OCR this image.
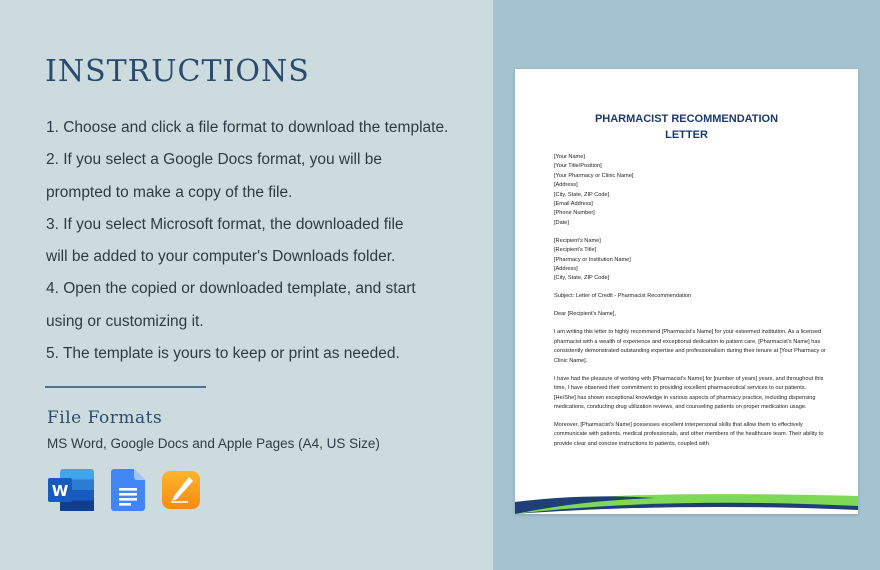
INSTRUCTIONS
1. Choose and click a file format to download the template.
2. If you select a Google Docs format, you will be
prompted to make a copy of the file.
3. If you select Microsoft format, the downloaded file
will be added to your computer's Downloads folder.
4. Open the copied or downloaded template, and start
using or customizing it.
5. The template is yours to keep or print as needed.
File Formats
MS Word, Google Docs and Apple Pages (A4, US Size)
W
PHARMACIST RECOMMENDATION
LETTER
[Your Name]
[Your Title/Position]
[Your Pharmacy or Clinic Name]
[Address]
[City, State, ZIP Code]
[Email Address]
[Phone Number]
[Date]
[Recipient's Name]
[Recipient's Title]
[Pharmacy or Institution Name]
[Address]
[City, State, ZIP Code]
Subject: Letter of Credit - Pharmacist Recommendation
Dear [Recipient's Name],
I am writing this letter to highly recommend [Pharmacist's Name] for your esteemed institution. As a licensed pharmacist with a wealth of experience and exceptional dedication to patient care, [Pharmacist's Name] has consistently demonstrated outstanding expertise and professionalism during their tenure at [Your Pharmacy or Clinic Name].
I have had the pleasure of working with [Pharmacist's Name] for [number of years] years, and throughout this time, I have observed their commitment to providing excellent pharmaceutical services to our patients. [He/She] has shown exceptional knowledge in various aspects of pharmacy practice, including dispensing medications, conducting drug utilization reviews, and counseling patients on proper medication usage.
Moreover, [Pharmacist's Name] possesses excellent interpersonal skills that allow them to effectively communicate with patients, medical professionals, and other members of the healthcare team. Their ability to provide clear and concise instructions to patients, coupled with
